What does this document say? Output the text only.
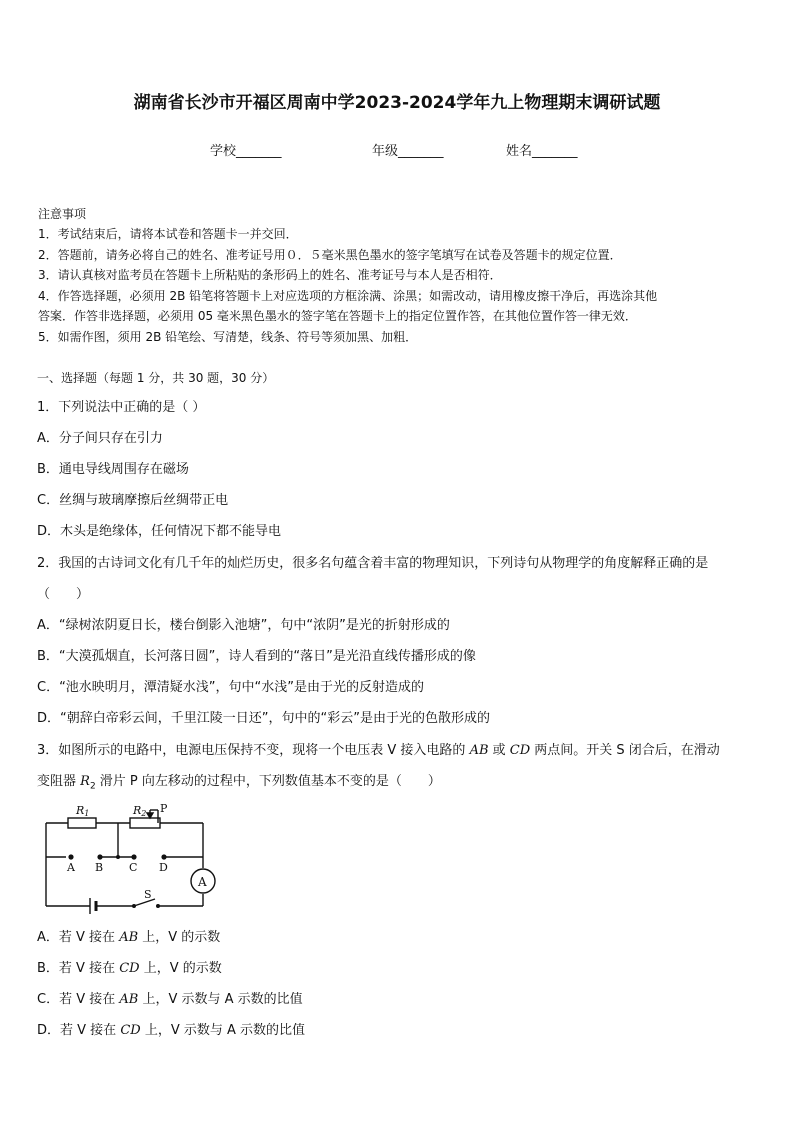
湖南省长沙市开福区周南中学2023-2024学年九上物理期末调研试题
学校_______	年级_______	姓名_______
注意事项
1．考试结束后，请将本试卷和答题卡一并交回．
2．答题前，请务必将自己的姓名、准考证号用０．５毫米黑色墨水的签字笔填写在试卷及答题卡的规定位置．
3．请认真核对监考员在答题卡上所粘贴的条形码上的姓名、准考证号与本人是否相符．
4．作答选择题，必须用 2B 铅笔将答题卡上对应选项的方框涂满、涂黑；如需改动，请用橡皮擦干净后，再选涂其他
答案．作答非选择题，必须用 05 毫米黑色墨水的签字笔在答题卡上的指定位置作答，在其他位置作答一律无效．
5．如需作图，须用 2B 铅笔绘、写清楚，线条、符号等须加黑、加粗．
一、选择题（每题 1 分，共 30 题，30 分）
1．下列说法中正确的是（ ）
A．分子间只存在引力
B．通电导线周围存在磁场
C．丝绸与玻璃摩擦后丝绸带正电
D．木头是绝缘体，任何情况下都不能导电
2．我国的古诗词文化有几千年的灿烂历史，很多名句蕴含着丰富的物理知识，下列诗句从物理学的角度解释正确的是
（　　）
A．“绿树浓阴夏日长，楼台倒影入池塘”，句中“浓阴”是光的折射形成的
B．“大漠孤烟直，长河落日圆”，诗人看到的“落日”是光沿直线传播形成的像
C．“池水映明月，潭清疑水浅”，句中“水浅”是由于光的反射造成的
D．“朝辞白帝彩云间，千里江陵一日还”，句中的“彩云”是由于光的色散形成的
3．如图所示的电路中，电源电压保持不变，现将一个电压表 V 接入电路的 AB 或 CD 两点间。开关 S 闭合后，在滑动
变阻器 $R_2$ 滑片 P 向左移动的过程中，下列数值基本不变的是（　　）
R1	R2 P
A B C D
S
A
A．若 V 接在 AB 上，V 的示数
B．若 V 接在 CD 上，V 的示数
C．若 V 接在 AB 上，V 示数与 A 示数的比值
D．若 V 接在 CD 上，V 示数与 A 示数的比值
